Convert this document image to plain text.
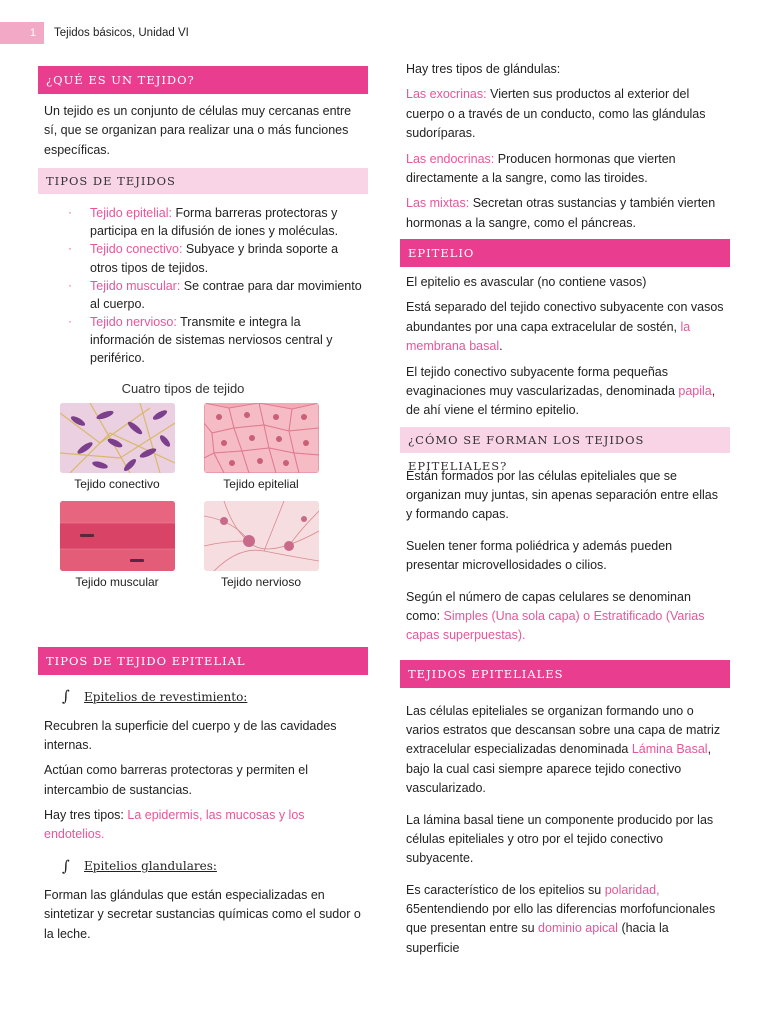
1	Tejidos básicos, Unidad VI
¿QUÉ ES UN TEJIDO?

Un tejido es un conjunto de células muy cercanas entre sí, que se organizan para realizar una o más funciones específicas.

TIPOS DE TEJIDOS
· Tejido epitelial: Forma barreras protectoras y participa en la difusión de iones y moléculas.
· Tejido conectivo: Subyace y brinda soporte a otros tipos de tejidos.
· Tejido muscular: Se contrae para dar movimiento al cuerpo.
· Tejido nervioso: Transmite e integra la información de sistemas nerviosos central y periférico.
Cuatro tipos de tejido
Tejido conectivo	Tejido epitelial
Tejido muscular	Tejido nervioso
TIPOS DE TEJIDO EPITELIAL
∫	Epitelios de revestimiento:

Recubren la superficie del cuerpo y de las cavidades internas.

Actúan como barreras protectoras y permiten el intercambio de sustancias.

Hay tres tipos: La epidermis, las mucosas y los endotelios.

∫	Epitelios glandulares:

Forman las glándulas que están especializadas en sintetizar y secretar sustancias químicas como el sudor o la leche.

Hay tres tipos de glándulas:

Las exocrinas: Vierten sus productos al exterior del cuerpo o a través de un conducto, como las glándulas sudoríparas.

Las endocrinas: Producen hormonas que vierten directamente a la sangre, como las tiroides.

Las mixtas: Secretan otras sustancias y también vierten hormonas a la sangre, como el páncreas.

EPITELIO

El epitelio es avascular (no contiene vasos)

Está separado del tejido conectivo subyacente con vasos abundantes por una capa extracelular de sostén, la membrana basal.

El tejido conectivo subyacente forma pequeñas evaginaciones muy vascularizadas, denominada papila, de ahí viene el término epitelio.

¿CÓMO SE FORMAN LOS TEJIDOS EPITELIALES?

Están formados por las células epiteliales que se organizan muy juntas, sin apenas separación entre ellas y formando capas.

Suelen tener forma poliédrica y además pueden presentar microvellosidades o cilios.

Según el número de capas celulares se denominan como: Simples (Una sola capa) o Estratificado (Varias capas superpuestas).

TEJIDOS EPITELIALES

Las células epiteliales se organizan formando uno o varios estratos que descansan sobre una capa de matriz extracelular especializadas denominada Lámina Basal, bajo la cual casi siempre aparece tejido conectivo vascularizado.

La lámina basal tiene un componente producido por las células epiteliales y otro por el tejido conectivo subyacente.

Es característico de los epitelios su polaridad, 65entendiendo por ello las diferencias morfofuncionales que presentan entre su dominio apical (hacia la superficie
